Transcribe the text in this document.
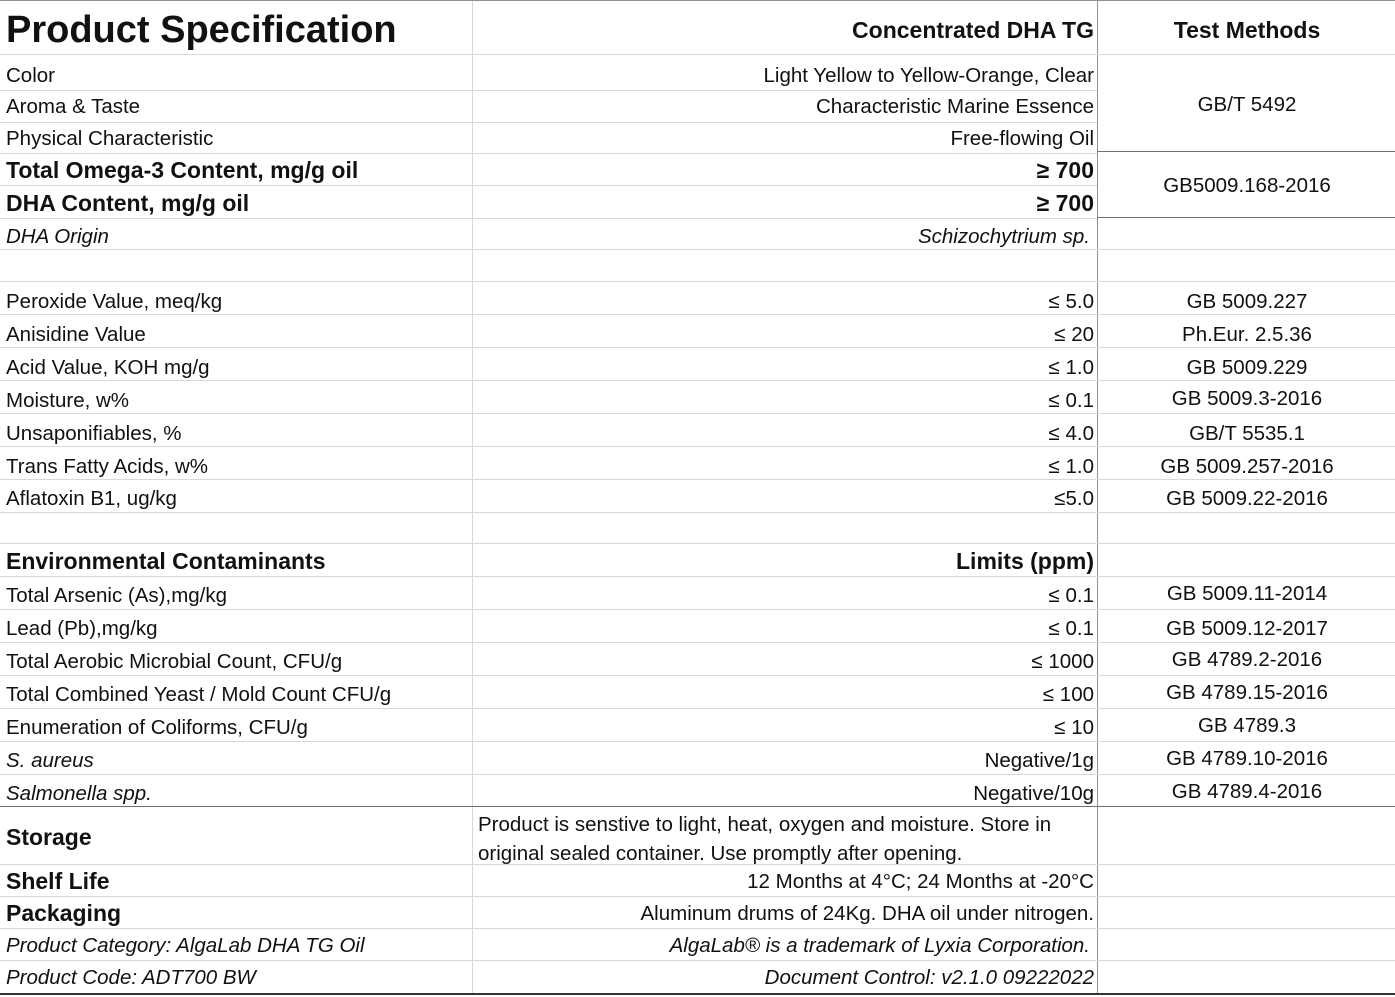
Product Specification	Concentrated DHA TG	Test Methods
Color	Light Yellow to Yellow-Orange, Clear
Aroma & Taste	Characteristic Marine Essence
Physical Characteristic	Free-flowing Oil
GB/T 5492
Total Omega-3 Content, mg/g oil	≥ 700
DHA Content, mg/g oil	≥ 700
GB5009.168-2016
DHA Origin	Schizochytrium sp.
Peroxide Value, meq/kg	≤ 5.0	GB 5009.227
Anisidine Value	≤ 20	Ph.Eur. 2.5.36
Acid Value, KOH mg/g	≤ 1.0	GB 5009.229
Moisture, w%	≤ 0.1	GB 5009.3-2016
Unsaponifiables, %	≤ 4.0	GB/T 5535.1
Trans Fatty Acids, w%	≤ 1.0	GB 5009.257-2016
Aflatoxin B1, ug/kg	≤5.0	GB 5009.22-2016
Environmental Contaminants	Limits (ppm)
Total Arsenic (As),mg/kg	≤ 0.1	GB 5009.11-2014
Lead (Pb),mg/kg	≤ 0.1	GB 5009.12-2017
Total Aerobic Microbial Count, CFU/g	≤ 1000	GB 4789.2-2016
Total Combined Yeast / Mold Count CFU/g	≤ 100	GB 4789.15-2016
Enumeration of Coliforms, CFU/g	≤ 10	GB 4789.3
S. aureus	Negative/1g	GB 4789.10-2016
Salmonella spp.	Negative/10g	GB 4789.4-2016
Storage	Product is senstive to light, heat, oxygen and moisture. Store in original sealed container. Use promptly after opening.
Shelf Life	12 Months at 4°C; 24 Months at -20°C
Packaging	Aluminum drums of 24Kg. DHA oil under nitrogen.
Product Category: AlgaLab DHA TG Oil	AlgaLab® is a trademark of Lyxia Corporation.
Product Code: ADT700 BW	Document Control: v2.1.0 09222022
